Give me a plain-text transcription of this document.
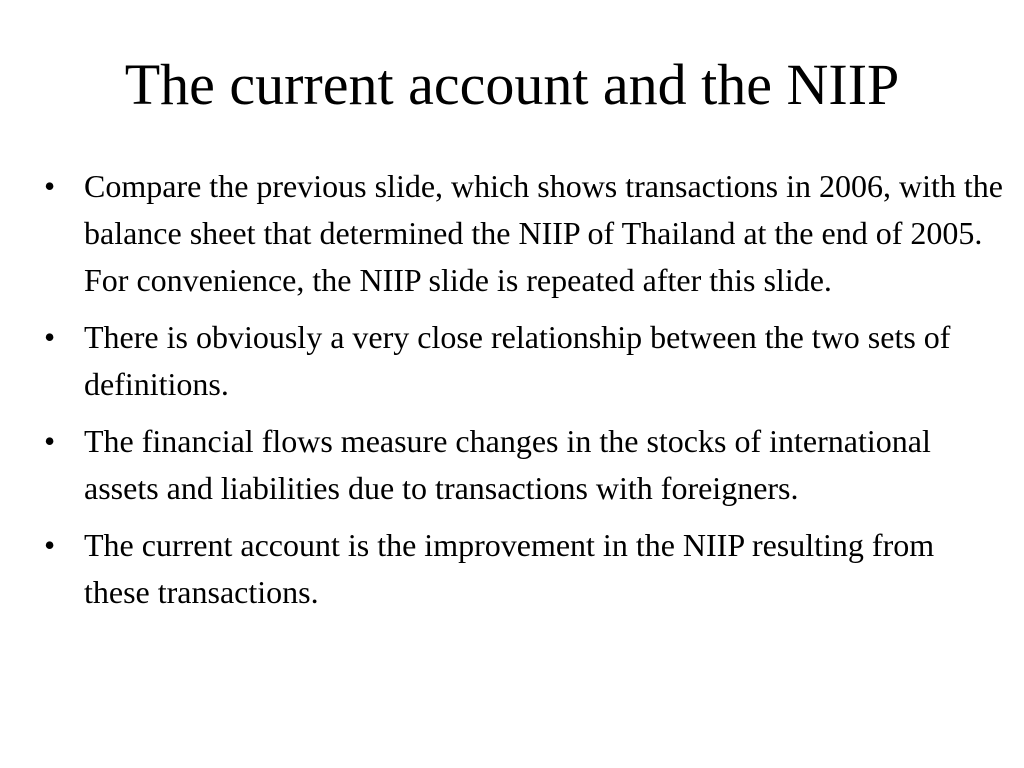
The current account and the NIIP
• Compare the previous slide, which shows transactions in 2006, with the balance sheet that determined the NIIP of Thailand at the end of 2005. For convenience, the NIIP slide is repeated after this slide.
• There is obviously a very close relationship between the two sets of definitions.
• The financial flows measure changes in the stocks of international assets and liabilities due to transactions with foreigners.
• The current account is the improvement in the NIIP resulting from these transactions.
